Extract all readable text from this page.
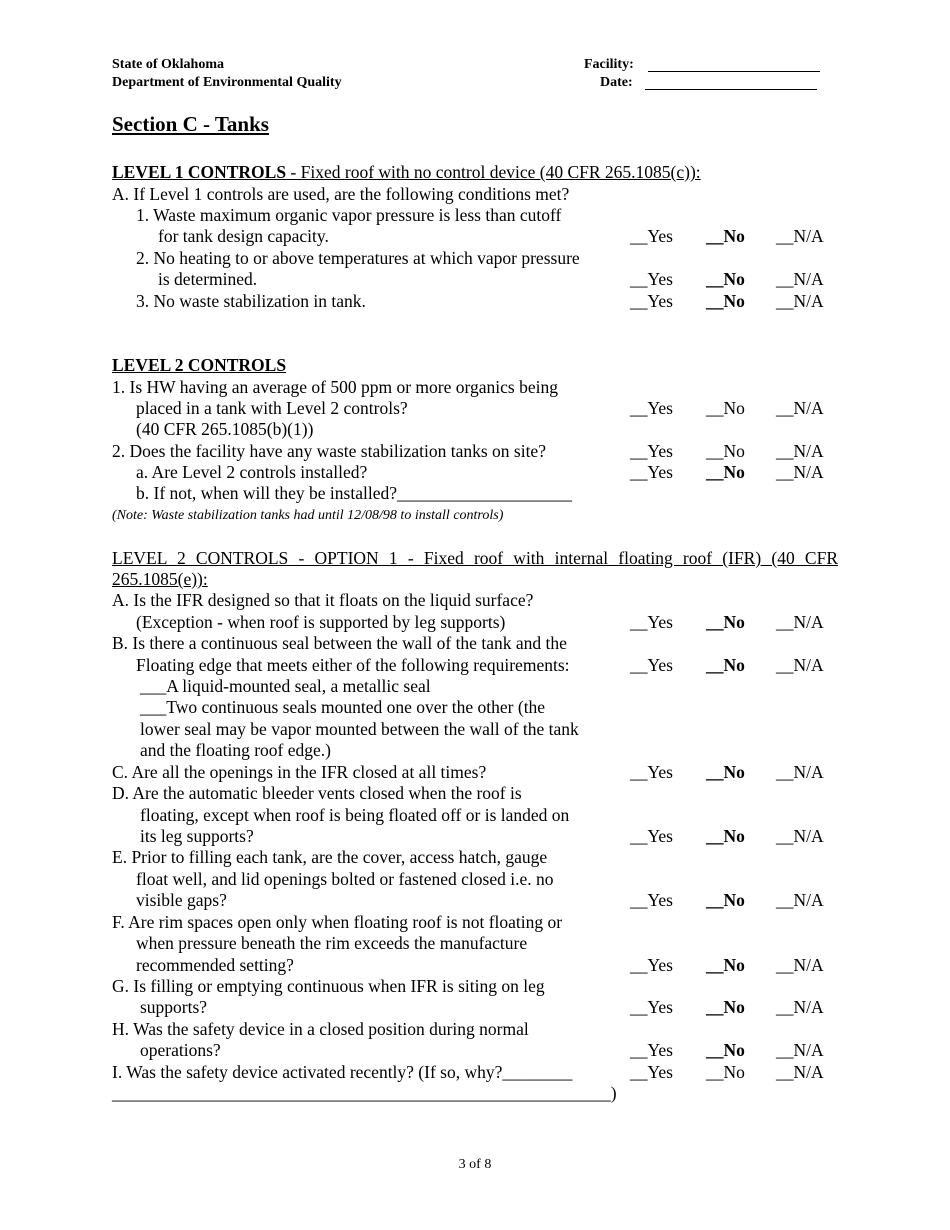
State of Oklahoma
Department of Environmental Quality
Facility:
Date:
Section C - Tanks
LEVEL 1 CONTROLS - Fixed roof with no control device (40 CFR 265.1085(c)):
A. If Level 1 controls are used, are the following conditions met?
1. Waste maximum organic vapor pressure is less than cutoff
for tank design capacity.	__Yes __No __N/A
2. No heating to or above temperatures at which vapor pressure
is determined.	__Yes __No __N/A
3. No waste stabilization in tank.	__Yes __No __N/A
LEVEL 2 CONTROLS
1. Is HW having an average of 500 ppm or more organics being
placed in a tank with Level 2 controls?	__Yes __No __N/A
(40 CFR 265.1085(b)(1))
2. Does the facility have any waste stabilization tanks on site?	__Yes __No __N/A
a. Are Level 2 controls installed?	__Yes __No __N/A
b. If not, when will they be installed?____________________
(Note: Waste stabilization tanks had until 12/08/98 to install controls)
LEVEL 2 CONTROLS - OPTION 1 - Fixed roof with internal floating roof (IFR) (40 CFR
265.1085(e)):
A. Is the IFR designed so that it floats on the liquid surface?
(Exception - when roof is supported by leg supports)	__Yes __No __N/A
B. Is there a continuous seal between the wall of the tank and the
Floating edge that meets either of the following requirements:	__Yes __No __N/A
___A liquid-mounted seal, a metallic seal
___Two continuous seals mounted one over the other (the
lower seal may be vapor mounted between the wall of the tank
and the floating roof edge.)
C. Are all the openings in the IFR closed at all times?	__Yes __No __N/A
D. Are the automatic bleeder vents closed when the roof is
floating, except when roof is being floated off or is landed on
its leg supports?	__Yes __No __N/A
E. Prior to filling each tank, are the cover, access hatch, gauge
float well, and lid openings bolted or fastened closed i.e. no
visible gaps?	__Yes __No __N/A
F. Are rim spaces open only when floating roof is not floating or
when pressure beneath the rim exceeds the manufacture
recommended setting?	__Yes __No __N/A
G. Is filling or emptying continuous when IFR is siting on leg
supports?	__Yes __No __N/A
H. Was the safety device in a closed position during normal
operations?	__Yes __No __N/A
I. Was the safety device activated recently? (If so, why?________	__Yes __No __N/A
_________________________________________________________)
3 of 8
